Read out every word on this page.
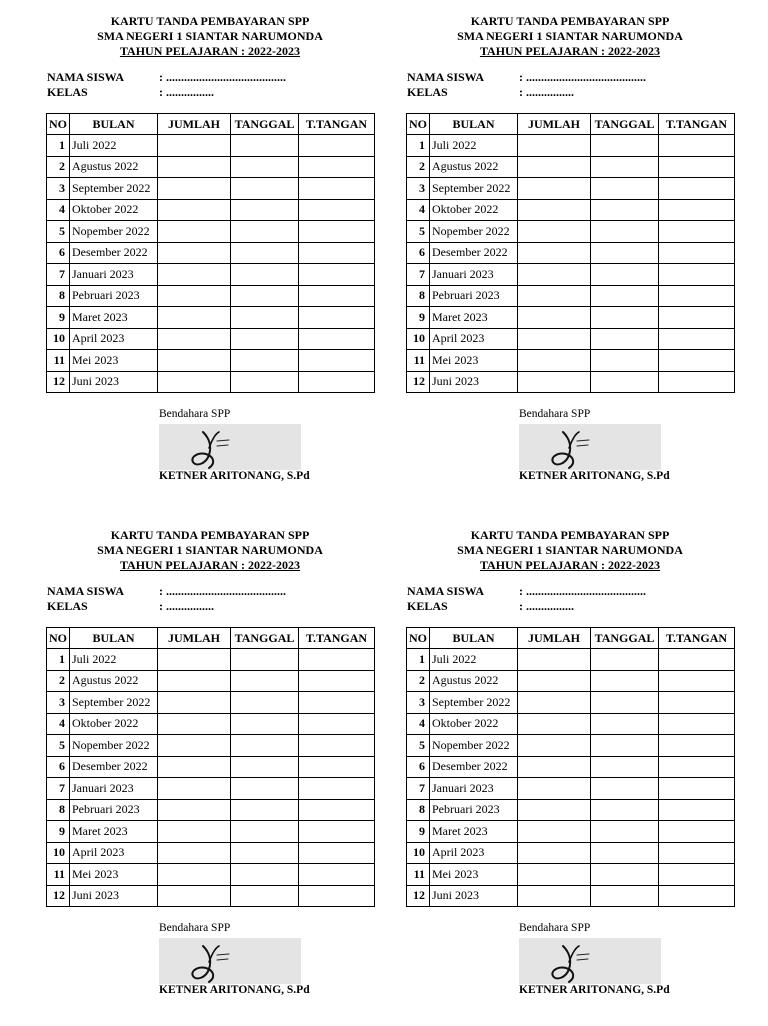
KARTU TANDA PEMBAYARAN SPP
SMA NEGERI 1 SIANTAR NARUMONDA
TAHUN PELAJARAN : 2022-2023
NAMA SISWA	: ........................................
KELAS	: ................
NO	BULAN	JUMLAH	TANGGAL	T.TANGAN
1	Juli 2022			
2	Agustus 2022			
3	September 2022			
4	Oktober 2022			
5	Nopember 2022			
6	Desember 2022			
7	Januari 2023			
8	Pebruari 2023			
9	Maret 2023			
10	April 2023			
11	Mei 2023			
12	Juni 2023			
Bendahara SPP
KETNER ARITONANG, S.Pd
KARTU TANDA PEMBAYARAN SPP
SMA NEGERI 1 SIANTAR NARUMONDA
TAHUN PELAJARAN : 2022-2023
NAMA SISWA	: ........................................
KELAS	: ................
NO	BULAN	JUMLAH	TANGGAL	T.TANGAN
1	Juli 2022			
2	Agustus 2022			
3	September 2022			
4	Oktober 2022			
5	Nopember 2022			
6	Desember 2022			
7	Januari 2023			
8	Pebruari 2023			
9	Maret 2023			
10	April 2023			
11	Mei 2023			
12	Juni 2023			
Bendahara SPP
KETNER ARITONANG, S.Pd
KARTU TANDA PEMBAYARAN SPP
SMA NEGERI 1 SIANTAR NARUMONDA
TAHUN PELAJARAN : 2022-2023
NAMA SISWA	: ........................................
KELAS	: ................
NO	BULAN	JUMLAH	TANGGAL	T.TANGAN
1	Juli 2022			
2	Agustus 2022			
3	September 2022			
4	Oktober 2022			
5	Nopember 2022			
6	Desember 2022			
7	Januari 2023			
8	Pebruari 2023			
9	Maret 2023			
10	April 2023			
11	Mei 2023			
12	Juni 2023			
Bendahara SPP
KETNER ARITONANG, S.Pd
KARTU TANDA PEMBAYARAN SPP
SMA NEGERI 1 SIANTAR NARUMONDA
TAHUN PELAJARAN : 2022-2023
NAMA SISWA	: ........................................
KELAS	: ................
NO	BULAN	JUMLAH	TANGGAL	T.TANGAN
1	Juli 2022			
2	Agustus 2022			
3	September 2022			
4	Oktober 2022			
5	Nopember 2022			
6	Desember 2022			
7	Januari 2023			
8	Pebruari 2023			
9	Maret 2023			
10	April 2023			
11	Mei 2023			
12	Juni 2023			
Bendahara SPP
KETNER ARITONANG, S.Pd
